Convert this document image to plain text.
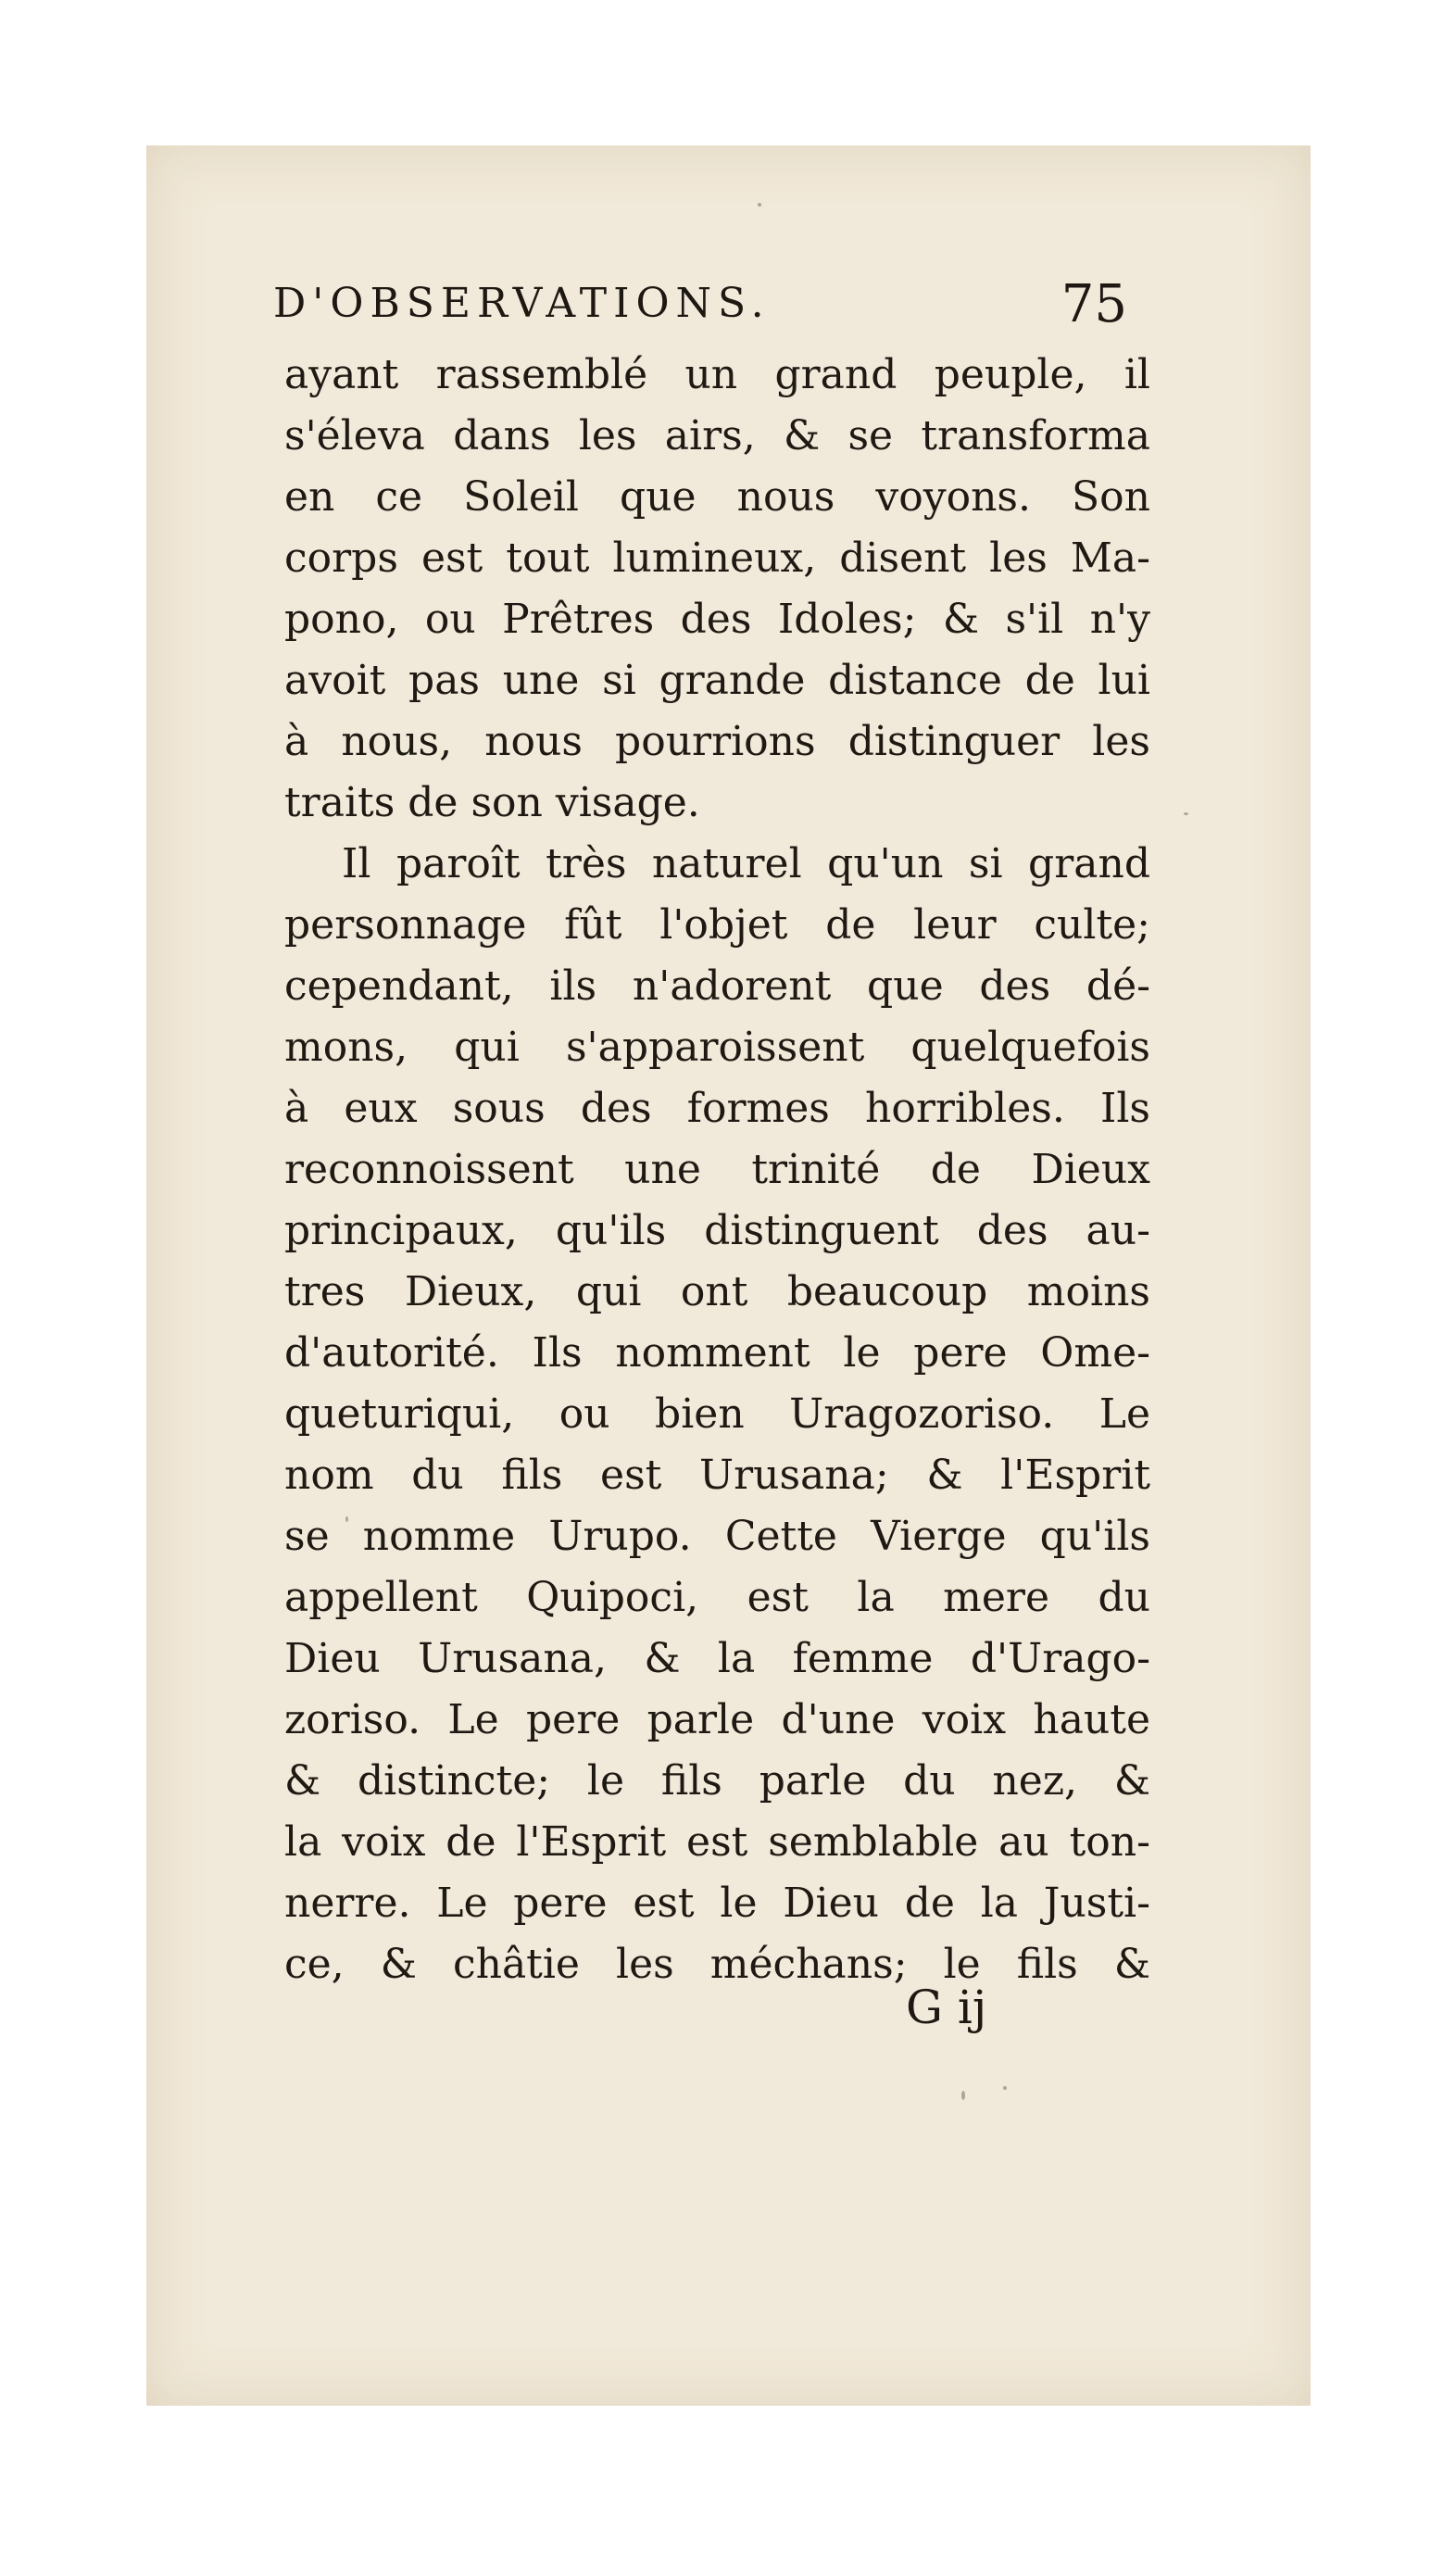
D'OBSERVATIONS.	75
ayant rassemblé un grand peuple, il
s'éleva dans les airs, & se transforma
en ce Soleil que nous voyons. Son
corps est tout lumineux, disent les Ma-
pono, ou Prêtres des Idoles; & s'il n'y
avoit pas une si grande distance de lui
à nous, nous pourrions distinguer les
traits de son visage.
Il paroît très naturel qu'un si grand
personnage fût l'objet de leur culte;
cependant, ils n'adorent que des dé-
mons, qui s'apparoissent quelquefois
à eux sous des formes horribles. Ils
reconnoissent une trinité de Dieux
principaux, qu'ils distinguent des au-
tres Dieux, qui ont beaucoup moins
d'autorité. Ils nomment le pere Ome-
queturiqui, ou bien Uragozoriso. Le
nom du fils est Urusana; & l'Esprit
se nomme Urupo. Cette Vierge qu'ils
appellent Quipoci, est la mere du
Dieu Urusana, & la femme d'Urago-
zoriso. Le pere parle d'une voix haute
& distincte; le fils parle du nez, &
la voix de l'Esprit est semblable au ton-
nerre. Le pere est le Dieu de la Justi-
ce, & châtie les méchans; le fils &
G ij
